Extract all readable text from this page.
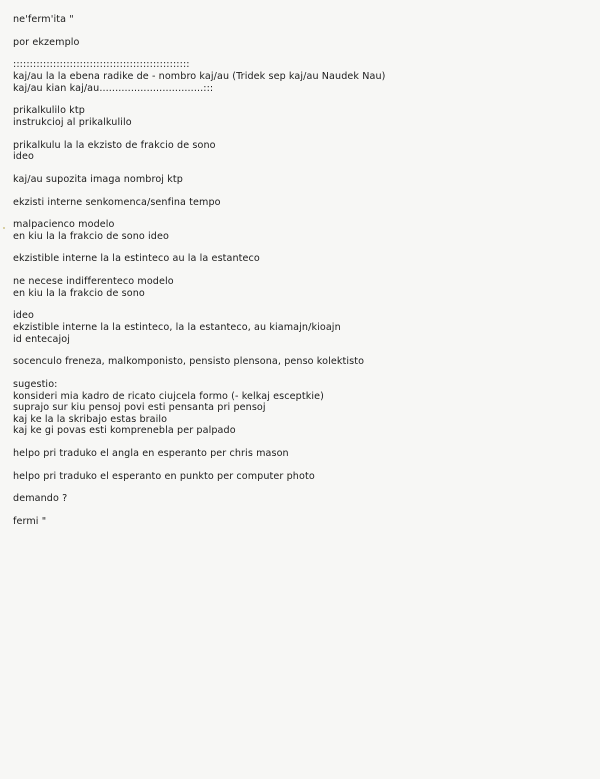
ne'ferm'ita "
por ekzemplo
:::::::::::::::::::::::::::::::::::::::::::::::::::::
kaj/au la la ebena radike de - nombro kaj/au (Tridek sep kaj/au Naudek Nau)
kaj/au kian kaj/au.................................:::
prikalkulilo ktp
instrukcioj al prikalkulilo
prikalkulu la la ekzisto de frakcio de sono
ideo
kaj/au supozita imaga nombroj ktp
ekzisti interne senkomenca/senfina tempo
malpacienco modelo
en kiu la la frakcio de sono ideo
ekzistible interne la la estinteco au la la estanteco
ne necese indifferenteco modelo
en kiu la la frakcio de sono
ideo
ekzistible interne la la estinteco, la la estanteco, au kiamajn/kioajn
id entecajoj
socenculo freneza, malkomponisto, pensisto plensona, penso kolektisto
sugestio:
konsideri mia kadro de ricato ciujcela formo (- kelkaj esceptkie)
suprajo sur kiu pensoj povi esti pensanta pri pensoj
kaj ke la la skribajo estas brailo
kaj ke gi povas esti komprenebla per palpado
helpo pri traduko el angla en esperanto per chris mason
helpo pri traduko el esperanto en punkto per computer photo
demando ?
fermi "
